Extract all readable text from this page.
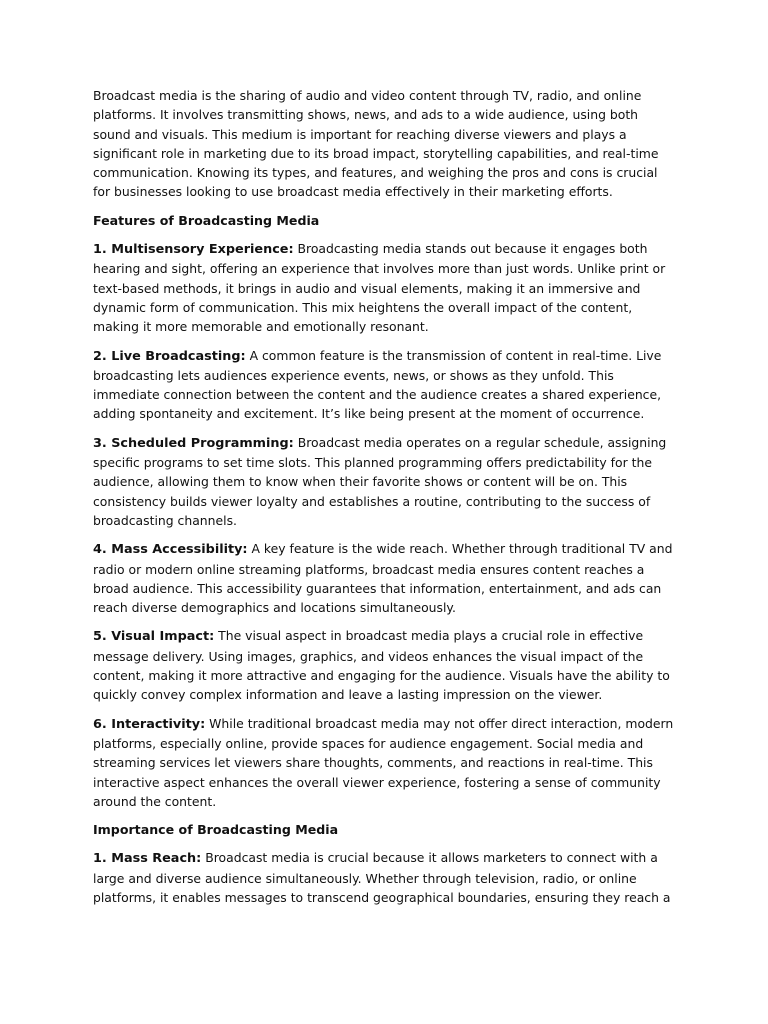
Broadcast media is the sharing of audio and video content through TV, radio, and online platforms. It involves transmitting shows, news, and ads to a wide audience, using both sound and visuals. This medium is important for reaching diverse viewers and plays a significant role in marketing due to its broad impact, storytelling capabilities, and real-time communication. Knowing its types, and features, and weighing the pros and cons is crucial for businesses looking to use broadcast media effectively in their marketing efforts.

Features of Broadcasting Media

1. Multisensory Experience: Broadcasting media stands out because it engages both hearing and sight, offering an experience that involves more than just words. Unlike print or text-based methods, it brings in audio and visual elements, making it an immersive and dynamic form of communication. This mix heightens the overall impact of the content, making it more memorable and emotionally resonant.

2. Live Broadcasting: A common feature is the transmission of content in real-time. Live broadcasting lets audiences experience events, news, or shows as they unfold. This immediate connection between the content and the audience creates a shared experience, adding spontaneity and excitement. It’s like being present at the moment of occurrence.

3. Scheduled Programming: Broadcast media operates on a regular schedule, assigning specific programs to set time slots. This planned programming offers predictability for the audience, allowing them to know when their favorite shows or content will be on. This consistency builds viewer loyalty and establishes a routine, contributing to the success of broadcasting channels.

4. Mass Accessibility: A key feature is the wide reach. Whether through traditional TV and radio or modern online streaming platforms, broadcast media ensures content reaches a broad audience. This accessibility guarantees that information, entertainment, and ads can reach diverse demographics and locations simultaneously.

5. Visual Impact: The visual aspect in broadcast media plays a crucial role in effective message delivery. Using images, graphics, and videos enhances the visual impact of the content, making it more attractive and engaging for the audience. Visuals have the ability to quickly convey complex information and leave a lasting impression on the viewer.

6. Interactivity: While traditional broadcast media may not offer direct interaction, modern platforms, especially online, provide spaces for audience engagement. Social media and streaming services let viewers share thoughts, comments, and reactions in real-time. This interactive aspect enhances the overall viewer experience, fostering a sense of community around the content.

Importance of Broadcasting Media

1. Mass Reach: Broadcast media is crucial because it allows marketers to connect with a large and diverse audience simultaneously. Whether through television, radio, or online platforms, it enables messages to transcend geographical boundaries, ensuring they reach a
